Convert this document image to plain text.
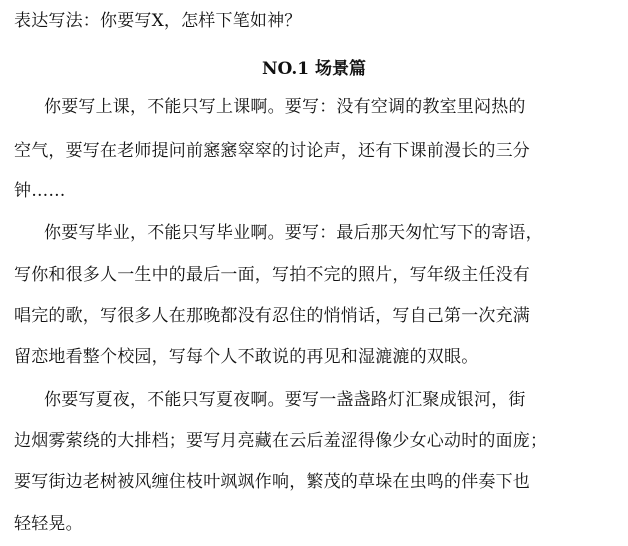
表达写法：你要写X，怎样下笔如神？
NO.1 场景篇
你要写上课，不能只写上课啊。要写：没有空调的教室里闷热的
空气，要写在老师提问前窸窸窣窣的讨论声，还有下课前漫长的三分
钟……
你要写毕业，不能只写毕业啊。要写：最后那天匆忙写下的寄语，
写你和很多人一生中的最后一面，写拍不完的照片，写年级主任没有
唱完的歌，写很多人在那晚都没有忍住的悄悄话，写自己第一次充满
留恋地看整个校园，写每个人不敢说的再见和湿漉漉的双眼。
你要写夏夜，不能只写夏夜啊。要写一盏盏路灯汇聚成银河，街
边烟雾萦绕的大排档；要写月亮藏在云后羞涩得像少女心动时的面庞；
要写街边老树被风缠住枝叶飒飒作响，繁茂的草垛在虫鸣的伴奏下也
轻轻晃。
